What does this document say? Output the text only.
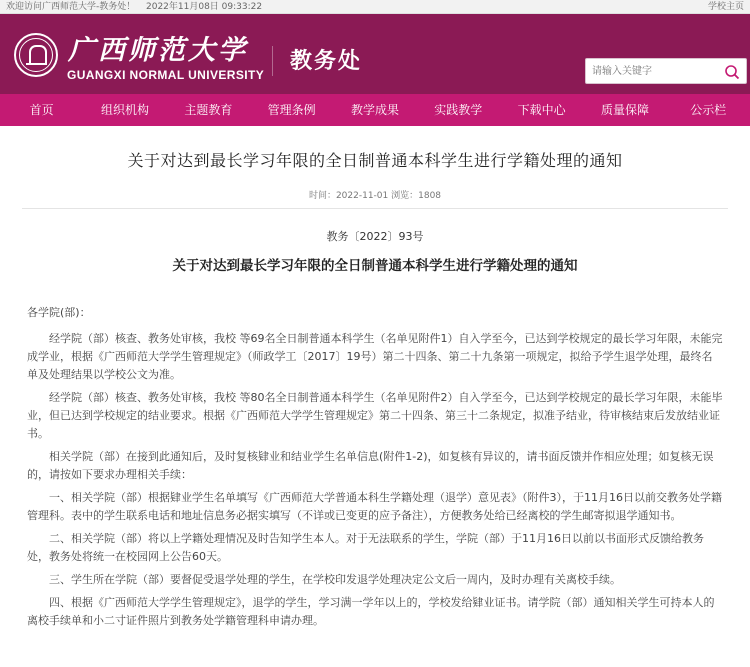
欢迎访问广西师范大学-教务处！ 2022年11月08日 09:33:22	学校主页
广西师范大学
GUANGXI NORMAL UNIVERSITY
教务处
请输入关键字
首页	组织机构	主题教育	管理条例	教学成果	实践教学	下载中心	质量保障	公示栏
关于对达到最长学习年限的全日制普通本科学生进行学籍处理的通知
时间：2022-11-01 浏览：1808
教务〔2022〕93号
关于对达到最长学习年限的全日制普通本科学生进行学籍处理的通知

各学院(部)：

经学院（部）核查、教务处审核，我校 等69名全日制普通本科学生（名单见附件1）自入学至今，已达到学校规定的最长学习年限，未能完成学业，根据《广西师范大学学生管理规定》（师政学工〔2017〕19号）第二十四条、第二十九条第一项规定，拟给予学生退学处理，最终名单及处理结果以学校公文为准。

经学院（部）核查、教务处审核，我校 等80名全日制普通本科学生（名单见附件2）自入学至今，已达到学校规定的最长学习年限，未能毕业，但已达到学校规定的结业要求。根据《广西师范大学学生管理规定》第二十四条、第三十二条规定，拟准予结业，待审核结束后发放结业证书。

相关学院（部）在接到此通知后，及时复核肄业和结业学生名单信息(附件1-2)，如复核有异议的，请书面反馈并作相应处理；如复核无误的，请按如下要求办理相关手续：

一、相关学院（部）根据肄业学生名单填写《广西师范大学普通本科生学籍处理（退学）意见表》（附件3），于11月16日以前交教务处学籍管理科。表中的学生联系电话和地址信息务必据实填写（不详或已变更的应予备注），方便教务处给已经离校的学生邮寄拟退学通知书。

二、相关学院（部）将以上学籍处理情况及时告知学生本人。对于无法联系的学生，学院（部）于11月16日以前以书面形式反馈给教务处，教务处将统一在校园网上公告60天。

三、学生所在学院（部）要督促受退学处理的学生，在学校印发退学处理决定公文后一周内，及时办理有关离校手续。

四、根据《广西师范大学学生管理规定》，退学的学生，学习满一学年以上的，学校发给肄业证书。请学院（部）通知相关学生可持本人的离校手续单和小二寸证件照片到教务处学籍管理科申请办理。
